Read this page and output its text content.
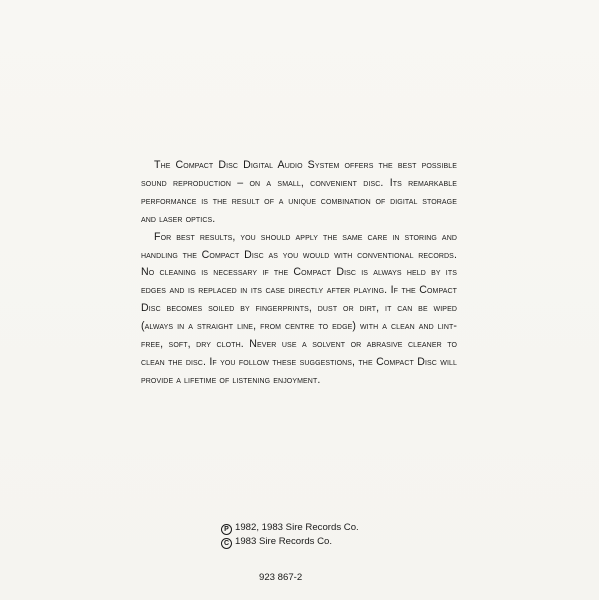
The Compact Disc Digital Audio System offers the best possible sound reproduction – on a small, convenient disc. Its remarkable performance is the result of a unique combination of digital storage and laser optics.

For best results, you should apply the same care in storing and handling the Compact Disc as you would with conventional records. No cleaning is necessary if the Compact Disc is always held by its edges and is replaced in its case directly after playing. If the Compact Disc becomes soiled by fingerprints, dust or dirt, it can be wiped (always in a straight line, from centre to edge) with a clean and lint-free, soft, dry cloth. Never use a solvent or abrasive cleaner to clean the disc. If you follow these suggestions, the Compact Disc will provide a lifetime of listening enjoyment.

P 1982, 1983 Sire Records Co.
C 1983 Sire Records Co.
923 867-2
